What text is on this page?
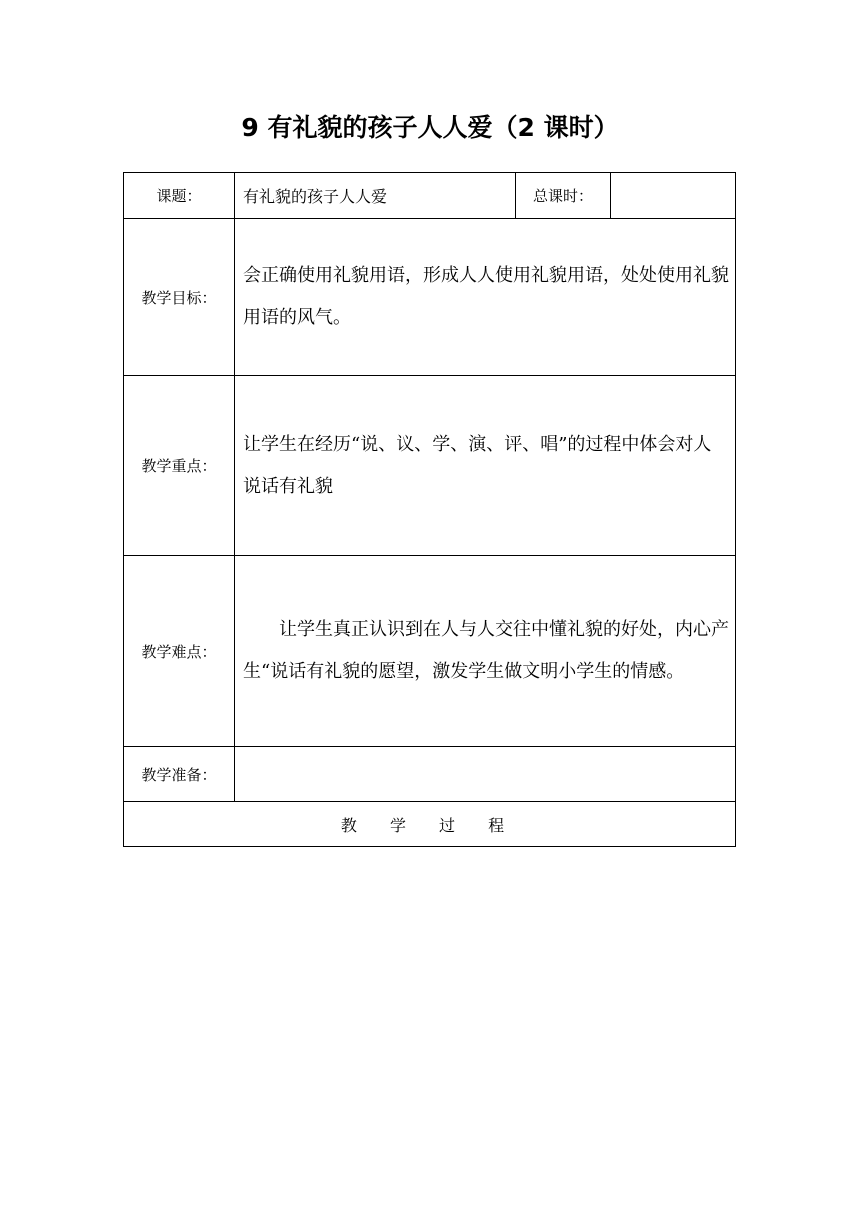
9 有礼貌的孩子人人爱（2 课时）
课题：	有礼貌的孩子人人爱	总课时：	
教学目标：	会正确使用礼貌用语，形成人人使用礼貌用语，处处使用礼貌用语的风气。		
教学重点：	让学生在经历“说、议、学、演、评、唱”的过程中体会对人说话有礼貌		
教学难点：	让学生真正认识到在人与人交往中懂礼貌的好处，内心产生“说话有礼貌的愿望，激发学生做文明小学生的情感。		
教学准备：			
教 学 过 程			
